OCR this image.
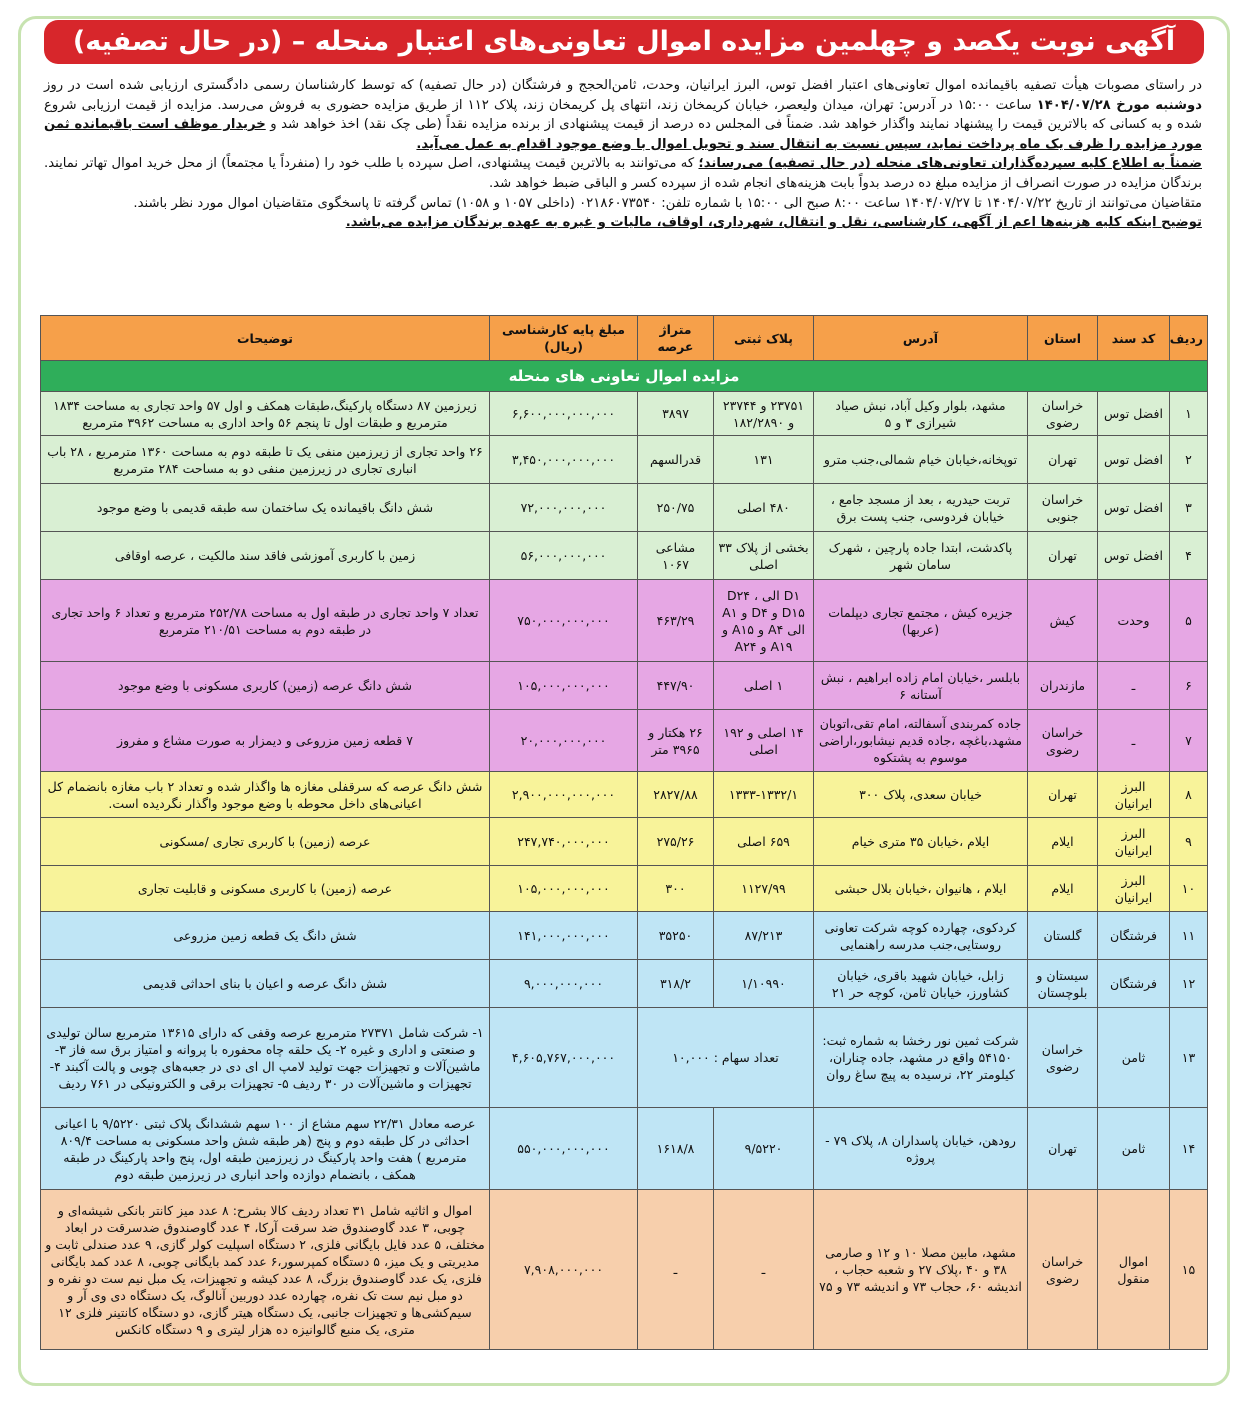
آگهی نوبت یکصد و چهلمین مزایده اموال تعاونی‌های اعتبار منحله – (در حال تصفیه)

در راستای مصوبات هیأت تصفیه باقیمانده اموال تعاونی‌های اعتبار افضل توس، البرز ایرانیان، وحدت، ثامن‌الحجج و فرشتگان (در حال تصفیه) که توسط کارشناسان رسمی دادگستری ارزیابی شده است در روز دوشنبه مورخ ۱۴۰۴/۰۷/۲۸ ساعت ۱۵:۰۰ در آدرس: تهران، میدان ولیعصر، خیابان کریمخان زند، انتهای پل کریمخان زند، پلاک ۱۱۲ از طریق مزایده حضوری به فروش می‌رسد. مزایده از قیمت ارزیابی شروع شده و به کسانی که بالاترین قیمت را پیشنهاد نمایند واگذار خواهد شد. ضمناً فی المجلس ده درصد از قیمت پیشنهادی از برنده مزایده نقداً (طی چک نقد) اخذ خواهد شد و خریدار موظف است باقیمانده ثمن مورد مزایده را ظرف یک ماه پرداخت نماید، سپس نسبت به انتقال سند و تحویل اموال با وضع موجود اقدام به عمل می‌آید.

ضمناً به اطلاع کلیه سپرده‌گذاران تعاونی‌های منحله (در حال تصفیه) می‌رساند؛ که می‌توانند به بالاترین قیمت پیشنهادی، اصل سپرده با طلب خود را (منفرداً یا مجتمعاً) از محل خرید اموال تهاتر نمایند. برندگان مزایده در صورت انصراف از مزایده مبلغ ده درصد بدواً بابت هزینه‌های انجام شده از سپرده کسر و الباقی ضبط خواهد شد.

متقاضیان می‌توانند از تاریخ ۱۴۰۴/۰۷/۲۲ تا ۱۴۰۴/۰۷/۲۷ ساعت ۸:۰۰ صبح الی ۱۵:۰۰ با شماره تلفن: ۰۲۱۸۶۰۷۳۵۴۰ (داخلی ۱۰۵۷ و ۱۰۵۸) تماس گرفته تا پاسخگوی متقاضیان اموال مورد نظر باشند.

توضیح اینکه کلیه هزینه‌ها اعم از آگهی، کارشناسی، نقل و انتقال، شهرداری، اوقاف، مالیات و غیره به عهده برندگان مزایده می‌باشد.

مزایده اموال تعاونی های منحله							
ردیف	کد سند	استان	آدرس	پلاک ثبتی	متراژ عرصه	مبلغ پایه کارشناسی (ریال)	توضیحات
۱	افضل توس	خراسان رضوی	مشهد، بلوار وکیل آباد، نبش صیاد شیرازی ۳ و ۵	۲۳۷۵۱ و ۲۳۷۴۴ و ۱۸۲/۲۸۹۰	۳۸۹۷	۶,۶۰۰,۰۰۰,۰۰۰,۰۰۰	زیرزمین ۸۷ دستگاه پارکینگ،طبقات همکف و اول ۵۷ واحد تجاری به مساحت ۱۸۳۴ مترمربع و طبقات اول تا پنجم ۵۶ واحد اداری به مساحت ۳۹۶۲ مترمربع
۲	افضل توس	تهران	توپخانه،خیابان خیام شمالی،جنب مترو	۱۳۱	قدرالسهم	۳,۴۵۰,۰۰۰,۰۰۰,۰۰۰	۲۶ واحد تجاری از زیرزمین منفی یک تا طبقه دوم به مساحت ۱۳۶۰ مترمربع ، ۲۸ باب انباری تجاری در زیرزمین منفی دو به مساحت ۲۸۴ مترمربع
۳	افضل توس	خراسان جنوبی	تربت حیدریه ، بعد از مسجد جامع ، خیابان فردوسی، جنب پست برق	۴۸۰ اصلی	۲۵۰/۷۵	۷۲,۰۰۰,۰۰۰,۰۰۰	شش دانگ باقیمانده یک ساختمان سه طبقه قدیمی با وضع موجود
۴	افضل توس	تهران	پاکدشت، ابتدا جاده پارچین ، شهرک سامان شهر	بخشی از پلاک ۳۳ اصلی	مشاعی ۱۰۶۷	۵۶,۰۰۰,۰۰۰,۰۰۰	زمین با کاربری آموزشی فاقد سند مالکیت ، عرصه اوقافی
۵	وحدت	کیش	جزیره کیش ، مجتمع تجاری دیپلمات (عربها)	D۱ الی D۲۴ ، D۱۵ و D۴ و A۱ الی A۴ و A۱۵ و A۱۹ و A۲۴	۴۶۳/۲۹	۷۵۰,۰۰۰,۰۰۰,۰۰۰	تعداد ۷ واحد تجاری در طبقه اول به مساحت ۲۵۲/۷۸ مترمربع و تعداد ۶ واحد تجاری در طبقه دوم به مساحت ۲۱۰/۵۱ مترمربع
۶	ـ	مازندران	بابلسر ،خیابان امام زاده ابراهیم ، نبش آستانه ۶	۱ اصلی	۴۴۷/۹۰	۱۰۵,۰۰۰,۰۰۰,۰۰۰	شش دانگ عرصه (زمین) کاربری مسکونی با وضع موجود
۷	ـ	خراسان رضوی	جاده کمربندی آسفالته، امام تقی،اتوبان مشهد،باغچه ،جاده قدیم نیشابور،اراضی موسوم به پشتکوه	۱۴ اصلی و ۱۹۲ اصلی	۲۶ هکتار و ۳۹۶۵ متر	۲۰,۰۰۰,۰۰۰,۰۰۰	۷ قطعه زمین مزروعی و دیمزار به صورت مشاع و مفروز
۸	البرز ایرانیان	تهران	خیابان سعدی، پلاک ۳۰۰	۱۳۳۳-۱۳۳۲/۱	۲۸۲۷/۸۸	۲,۹۰۰,۰۰۰,۰۰۰,۰۰۰	شش دانگ عرصه که سرقفلی مغازه ها واگذار شده و تعداد ۲ باب مغازه بانضمام کل اعیانی‌های داخل محوطه با وضع موجود واگذار نگردیده است.
۹	البرز ایرانیان	ایلام	ایلام ،خیابان ۳۵ متری خیام	۶۵۹ اصلی	۲۷۵/۲۶	۲۴۷,۷۴۰,۰۰۰,۰۰۰	عرصه (زمین) با کاربری تجاری /مسکونی
۱۰	البرز ایرانیان	ایلام	ایلام ، هانیوان ،خیابان بلال حبشی	۱۱۲۷/۹۹	۳۰۰	۱۰۵,۰۰۰,۰۰۰,۰۰۰	عرصه (زمین) با کاربری مسکونی و قابلیت تجاری
۱۱	فرشتگان	گلستان	کردکوی، چهارده کوچه شرکت تعاونی روستایی،جنب مدرسه راهنمایی	۸۷/۲۱۳	۳۵۲۵۰	۱۴۱,۰۰۰,۰۰۰,۰۰۰	شش دانگ یک قطعه زمین مزروعی
۱۲	فرشتگان	سیستان و بلوچستان	زابل، خیابان شهید باقری، خیابان کشاورز، خیابان ثامن، کوچه حر ۲۱	۱/۱۰۹۹۰	۳۱۸/۲	۹,۰۰۰,۰۰۰,۰۰۰	شش دانگ عرصه و اعیان با بنای احداثی قدیمی
۱۳	ثامن	خراسان رضوی	شرکت ثمین نور رخشا به شماره ثبت: ۵۴۱۵۰ واقع در مشهد، جاده چناران، کیلومتر ۲۲، نرسیده به پیچ ساغ روان	تعداد سهام : ۱۰,۰۰۰		۴,۶۰۵,۷۶۷,۰۰۰,۰۰۰	۱- شرکت شامل ۲۷۳۷۱ مترمربع عرصه وقفی که دارای ۱۳۶۱۵ مترمربع سالن تولیدی و صنعتی و اداری و غیره ۲- یک حلقه چاه محفوره با پروانه و امتیاز برق سه فاز ۳- ماشین‌آلات و تجهیزات جهت تولید لامپ ال ای دی در جعبه‌های چوبی و پالت آکبند ۴- تجهیزات و ماشین‌آلات در ۳۰ ردیف ۵- تجهیزات برقی و الکترونیکی در ۷۶۱ ردیف
۱۴	ثامن	تهران	رودهن، خیابان پاسداران ۸، پلاک ۷۹ - پروژه	۹/۵۲۲۰	۱۶۱۸/۸	۵۵۰,۰۰۰,۰۰۰,۰۰۰	عرصه معادل ۲۲/۳۱ سهم مشاع از ۱۰۰ سهم ششدانگ پلاک ثبتی ۹/۵۲۲۰ با اعیانی احداثی در کل طبقه دوم و پنج (هر طبقه شش واحد مسکونی به مساحت ۸۰۹/۴ مترمربع ) هفت واحد پارکینگ در زیرزمین طبقه اول، پنج واحد پارکینگ در طبقه همکف ، بانضمام دوازده واحد انباری در زیرزمین طبقه دوم
۱۵	اموال منقول	خراسان رضوی	مشهد، مابین مصلا ۱۰ و ۱۲ و صارمی ۳۸ و ۴۰ ،پلاک ۲۷ و شعبه حجاب ، اندیشه ۶۰، حجاب ۷۳ و اندیشه ۷۳ و ۷۵	ـ	ـ	۷,۹۰۸,۰۰۰,۰۰۰	اموال و اثاثیه شامل ۳۱ تعداد ردیف کالا بشرح: ۸ عدد میز کانتر بانکی شیشه‌ای و چوبی، ۳ عدد گاوصندوق ضد سرقت آرکا، ۴ عدد گاوصندوق ضدسرقت در ابعاد مختلف، ۵ عدد فایل بایگانی فلزی، ۲ دستگاه اسپلیت کولر گازی، ۹ عدد صندلی ثابت و مدیریتی و یک میز، ۵ دستگاه کمپرسور،۶ عدد کمد بایگانی چوبی، ۸ عدد کمد بایگانی فلزی، یک عدد گاوصندوق بزرگ، ۸ عدد کیشه و تجهیزات، یک مبل نیم ست دو نفره و دو مبل نیم ست تک نفره، چهارده عدد دوربین آنالوگ، یک دستگاه دی وی آر و سیم‌کشی‌ها و تجهیزات جانبی، یک دستگاه هیتر گازی، دو دستگاه کانتینر فلزی ۱۲ متری، یک منبع گالوانیزه ده هزار لیتری و ۹ دستگاه کانکس
